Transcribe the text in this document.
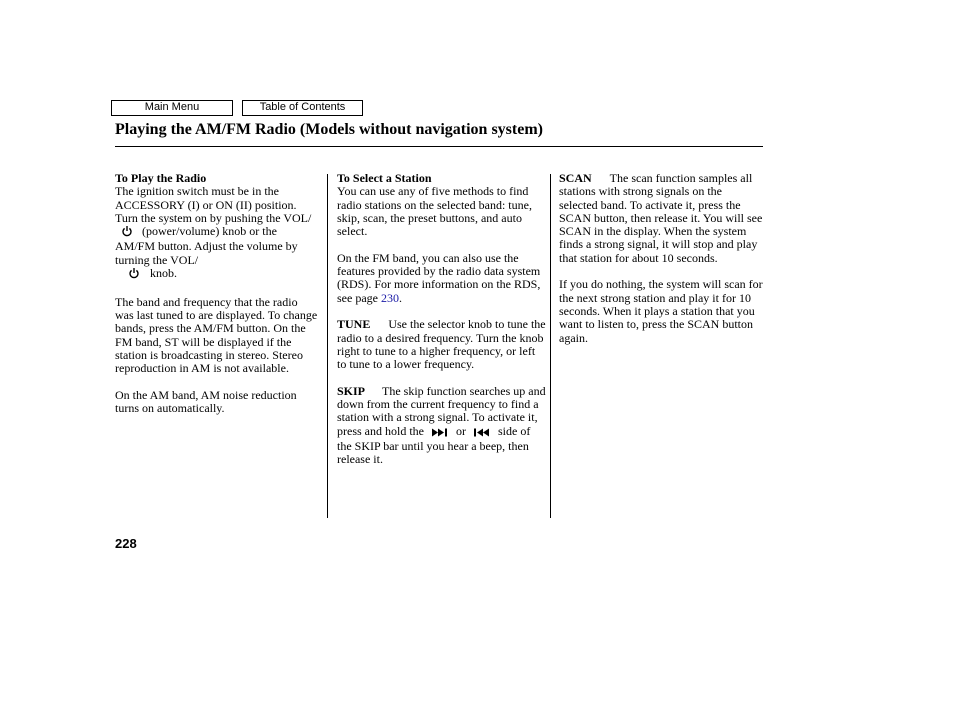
Main Menu	Table of Contents
Playing the AM/FM Radio (Models without navigation system)
To Play the Radio

The ignition switch must be in the ACCESSORY (I) or ON (II) position. Turn the system on by pushing the VOL/  (power/volume) knob or the AM/FM button. Adjust the volume by turning the VOL/
knob.

The band and frequency that the radio was last tuned to are displayed. To change bands, press the AM/FM button. On the FM band, ST will be displayed if the station is broadcasting in stereo. Stereo reproduction in AM is not available.

On the AM band, AM noise reduction turns on automatically.

To Select a Station

You can use any of five methods to find radio stations on the selected band: tune, skip, scan, the preset buttons, and auto select.

On the FM band, you can also use the features provided by the radio data system (RDS). For more information on the RDS, see page 230.

TUNE Use the selector knob to tune the radio to a desired frequency. Turn the knob right to tune to a higher frequency, or left to tune to a lower frequency.

SKIP The skip function searches up and down from the current frequency to find a station with a strong signal. To activate it, press and hold the	or	side of the SKIP bar until you hear a beep, then release it.

SCAN The scan function samples all stations with strong signals on the selected band. To activate it, press the SCAN button, then release it. You will see SCAN in the display. When the system finds a strong signal, it will stop and play that station for about 10 seconds.

If you do nothing, the system will scan for the next strong station and play it for 10 seconds. When it plays a station that you want to listen to, press the SCAN button again.

228
